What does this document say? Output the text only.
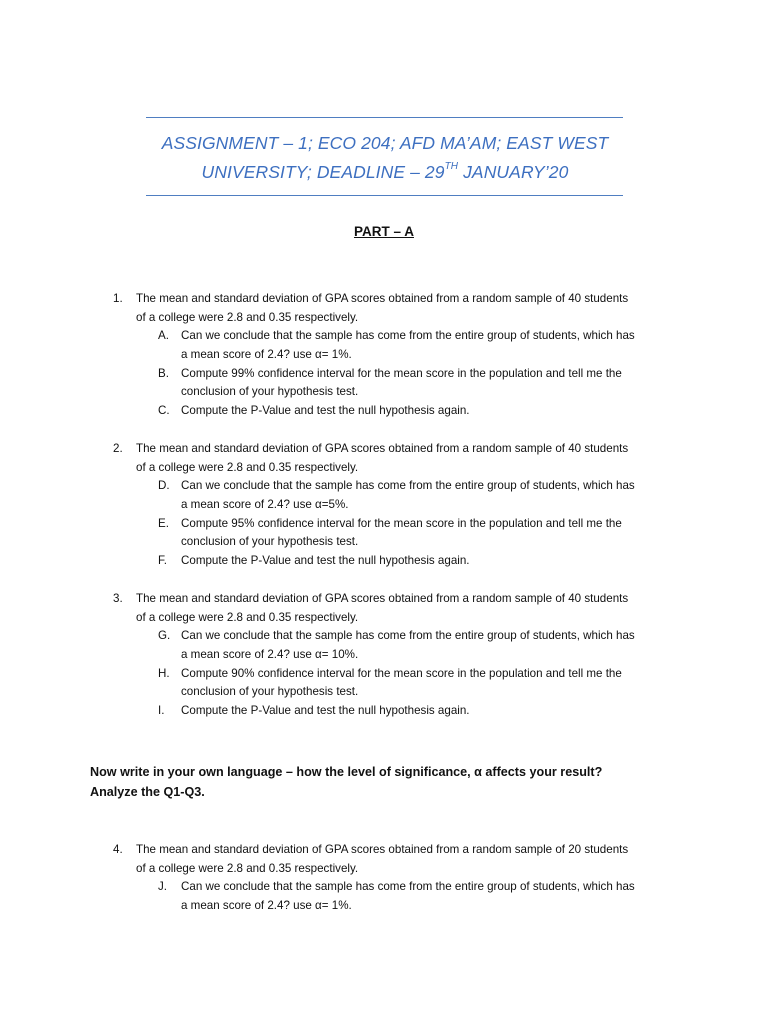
ASSIGNMENT – 1; ECO 204; AFD MA’AM; EAST WEST
UNIVERSITY; DEADLINE – 29TH JANUARY’20
PART – A
1. The mean and standard deviation of GPA scores obtained from a random sample of 40 students
of a college were 2.8 and 0.35 respectively.
A. Can we conclude that the sample has come from the entire group of students, which has
a mean score of 2.4? use α= 1%.
B. Compute 99% confidence interval for the mean score in the population and tell me the
conclusion of your hypothesis test.
C. Compute the P-Value and test the null hypothesis again.
2. The mean and standard deviation of GPA scores obtained from a random sample of 40 students
of a college were 2.8 and 0.35 respectively.
D. Can we conclude that the sample has come from the entire group of students, which has
a mean score of 2.4? use α=5%.
E. Compute 95% confidence interval for the mean score in the population and tell me the
conclusion of your hypothesis test.
F. Compute the P-Value and test the null hypothesis again.
3. The mean and standard deviation of GPA scores obtained from a random sample of 40 students
of a college were 2.8 and 0.35 respectively.
G. Can we conclude that the sample has come from the entire group of students, which has
a mean score of 2.4? use α= 10%.
H. Compute 90% confidence interval for the mean score in the population and tell me the
conclusion of your hypothesis test.
I. Compute the P-Value and test the null hypothesis again.
Now write in your own language – how the level of significance, α affects your result?
Analyze the Q1-Q3.
4. The mean and standard deviation of GPA scores obtained from a random sample of 20 students
of a college were 2.8 and 0.35 respectively.
J. Can we conclude that the sample has come from the entire group of students, which has
a mean score of 2.4? use α= 1%.
